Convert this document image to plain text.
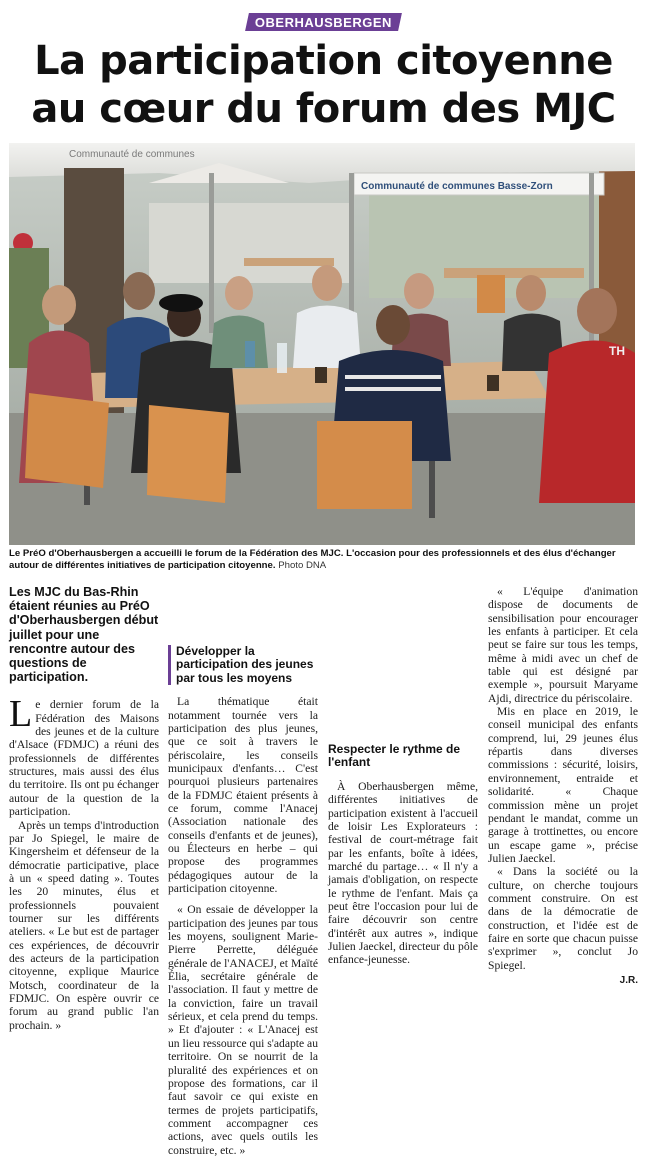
OBERHAUSBERGEN
La participation citoyenne
au cœur du forum des MJC
Communauté de communes Basse-Zorn
Communauté de communes
TH
Le PréO d'Oberhausbergen a accueilli le forum de la Fédération des MJC. L'occasion pour des professionnels et des élus d'échanger autour de différentes initiatives de participation citoyenne. Photo DNA
Les MJC du Bas-Rhin étaient réunies au PréO d'Oberhausbergen début juillet pour une rencontre autour des questions de participation.

Le dernier forum de la Fédération des Maisons des jeunes et de la culture d'Alsace (FDMJC) a réuni des professionnels de différentes structures, mais aussi des élus du territoire. Ils ont pu échanger autour de la question de la participation.

Après un temps d'introduction par Jo Spiegel, le maire de Kingersheim et défenseur de la démocratie participative, place à un « speed dating ». Toutes les 20 minutes, élus et professionnels pouvaient tourner sur les différents ateliers. « Le but est de partager ces expériences, de découvrir des acteurs de la participation citoyenne, explique Maurice Motsch, coordinateur de la FDMJC. On espère ouvrir ce forum au grand public l'an prochain. »

Développer la participation des jeunes par tous les moyens

La thématique était notamment tournée vers la participation des plus jeunes, que ce soit à travers le périscolaire, les conseils municipaux d'enfants… C'est pourquoi plusieurs partenaires de la FDMJC étaient présents à ce forum, comme l'Anacej (Association nationale des conseils d'enfants et de jeunes), ou Électeurs en herbe – qui propose des programmes pédagogiques autour de la participation citoyenne.

« On essaie de développer la participation des jeunes par tous les moyens, soulignent Marie-Pierre Perrette, déléguée générale de l'ANACEJ, et Maïté Élia, secrétaire générale de l'association. Il faut y mettre de la conviction, faire un travail sérieux, et cela prend du temps. » Et d'ajouter : « L'Anacej est un lieu ressource qui s'adapte au territoire. On se nourrit de la pluralité des expériences et on propose des formations, car il faut savoir ce qui existe en termes de projets participatifs, comment accompagner ces actions, avec quels outils les construire, etc. »

Respecter le rythme de l'enfant

À Oberhausbergen même, différentes initiatives de participation existent à l'accueil de loisir Les Explorateurs : festival de court-métrage fait par les enfants, boîte à idées, marché du partage… « Il n'y a jamais d'obligation, on respecte le rythme de l'enfant. Mais ça peut être l'occasion pour lui de faire découvrir son centre d'intérêt aux autres », indique Julien Jaeckel, directeur du pôle enfance-jeunesse.

« L'équipe d'animation dispose de documents de sensibilisation pour encourager les enfants à participer. Et cela peut se faire sur tous les temps, même à midi avec un chef de table qui est désigné par exemple », poursuit Maryame Ajdi, directrice du périscolaire.

Mis en place en 2019, le conseil municipal des enfants comprend, lui, 29 jeunes élus répartis dans diverses commissions : sécurité, loisirs, environnement, entraide et solidarité. « Chaque commission mène un projet pendant le mandat, comme un garage à trottinettes, ou encore un escape game », précise Julien Jaeckel.

« Dans la société ou la culture, on cherche toujours comment construire. On est dans de la démocratie de construction, et l'idée est de faire en sorte que chacun puisse s'exprimer », conclut Jo Spiegel.

J.R.
